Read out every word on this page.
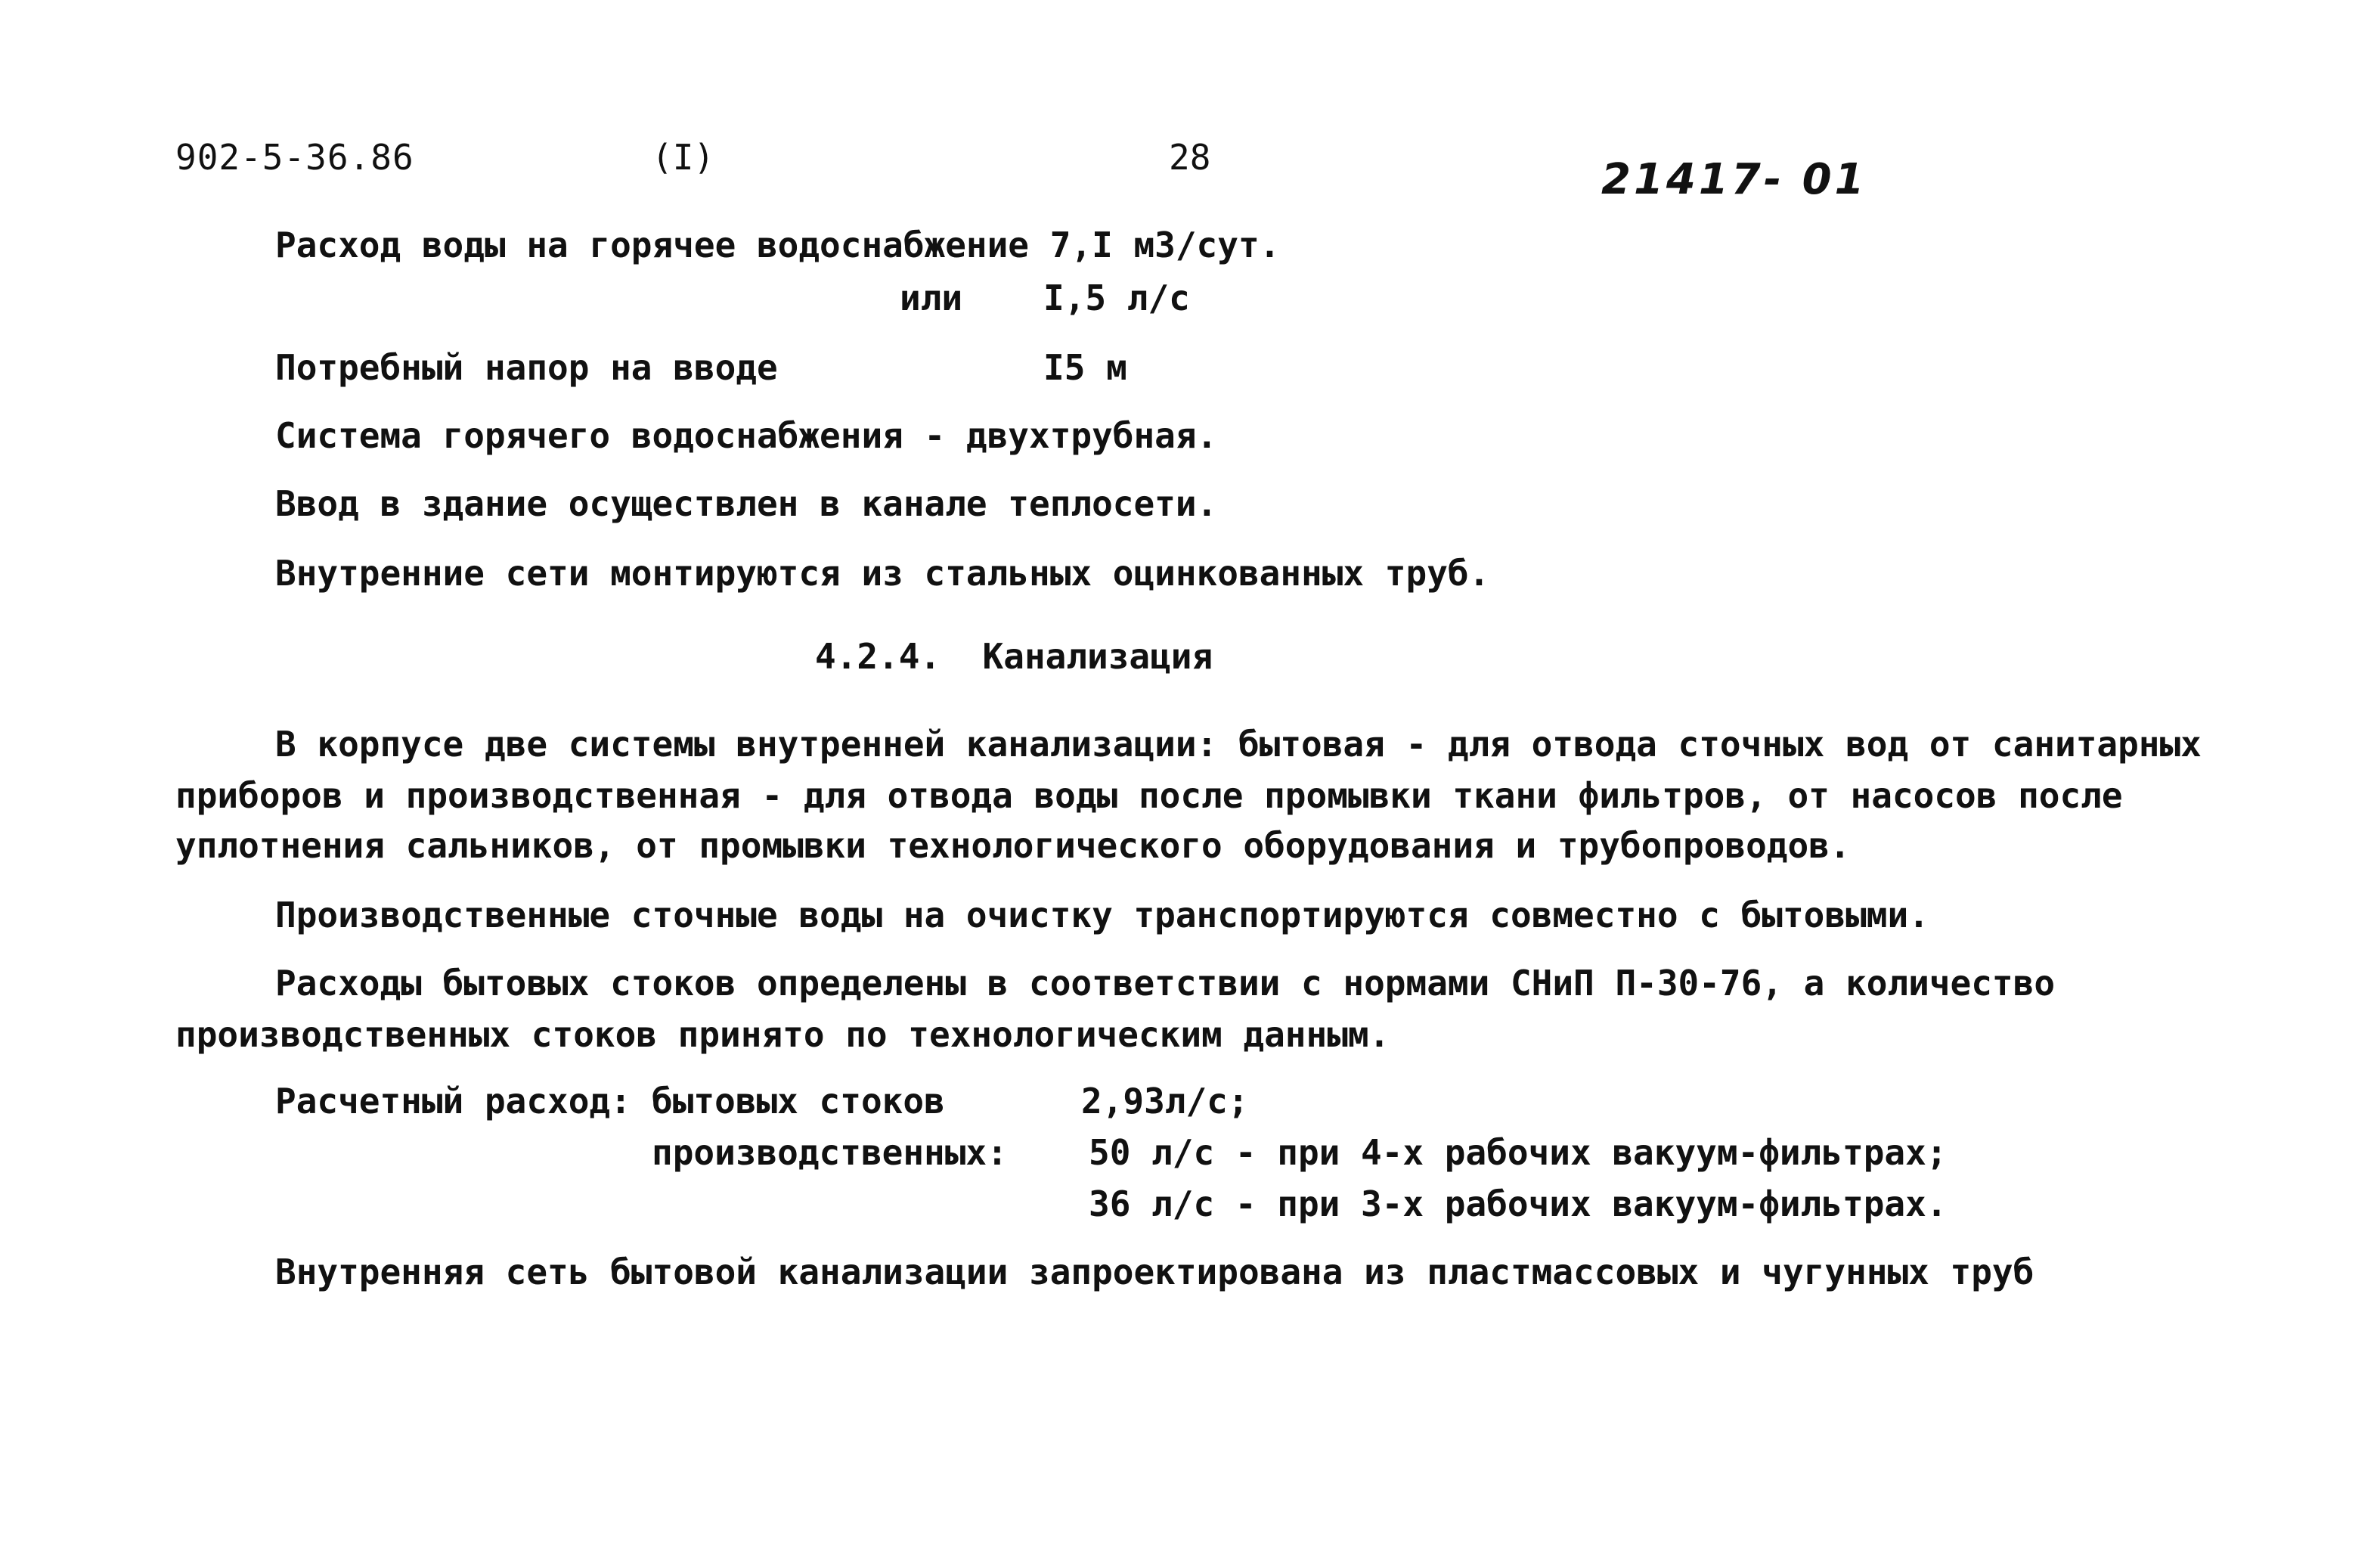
902-5-36.86	(I)	28	21417- 01
Расход воды на горячее водоснабжение 7,I м3/сут.
или I,5 л/с
Потребный напор на вводе	I5 м
Система горячего водоснабжения - двухтрубная.
Ввод в здание осуществлен в канале теплосети.
Внутренние сети монтируются из стальных оцинкованных труб.
4.2.4.  Канализация
В корпусе две системы внутренней канализации: бытовая - для отвода сточных вод от санитарных
приборов и производственная - для отвода воды после промывки ткани фильтров, от насосов после
уплотнения сальников, от промывки технологического оборудования и трубопроводов.
Производственные сточные воды на очистку транспортируются совместно с бытовыми.
Расходы бытовых стоков определены в соответствии с нормами СНиП П-30-76, а количество
производственных стоков принято по технологическим данным.
Расчетный расход: бытовых стоков	2,93л/с;
производственных: 50 л/с - при 4-х рабочих вакуум-фильтрах;
36 л/с - при 3-х рабочих вакуум-фильтрах.
Внутренняя сеть бытовой канализации запроектирована из пластмассовых и чугунных труб
